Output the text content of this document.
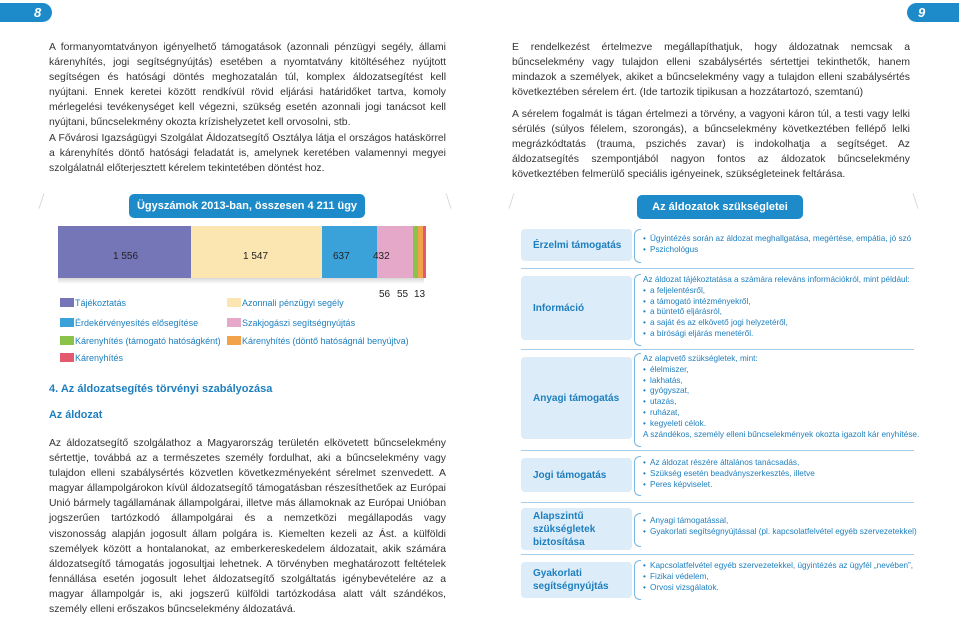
8	9

A formanyomtatványon igényelhető támogatások (azonnali pénzügyi segély, állami kárenyhítés, jogi segítségnyújtás) esetében a nyomtatvány kitöltéséhez nyújtott segítségen és hatósági döntés meghozatalán túl, komplex áldozatsegítést kell nyújtani. Ennek keretei között rendkívül rövid eljárási határidőket tartva, komoly mérlegelési tevékenységet kell végezni, szükség esetén azonnali jogi tanácsot kell nyújtani, bűncselekmény okozta krízishelyzetet kell orvosolni, stb.

A Fővárosi Igazságügyi Szolgálat Áldozatsegítő Osztálya látja el országos hatáskörrel a kárenyhítés döntő hatósági feladatát is, amelynek keretében valamennyi megyei szolgálatnál előterjesztett kérelem tekintetében döntést hoz.

Ügyszámok 2013-ban, összesen 4 211 ügy
1 556	1 547	637 432
56 55 13
Tájékoztatás	Azonnali pénzügyi segély
Érdekérvényesítés elősegítése	Szakjogászi segítségnyújtás
Kárenyhítés (támogató hatóságként) Kárenyhítés (döntő hatóságnál benyújtva)
Kárenyhítés
4. Az áldozatsegítés törvényi szabályozása
Az áldozat

Az áldozatsegítő szolgálathoz a Magyarország területén elkövetett bűncselekmény sértettje, továbbá az a természetes személy fordulhat, aki a bűncselekmény vagy tulajdon elleni szabálysértés közvetlen következményeként sérelmet szenvedett. A magyar állampolgárokon kívül áldozatsegítő támogatásban részesíthetőek az Európai Unió bármely tagállamának állampolgárai, illetve más államoknak az Európai Unióban jogszerűen tartózkodó állampolgárai és a nemzetközi megállapodás vagy viszonosság alapján jogosult állam polgára is. Kiemelten kezeli az Ást. a külföldi személyek között a hontalanokat, az emberkereskedelem áldozatait, akik számára áldozatsegítő támogatás jogosultjai lehetnek. A törvényben meghatározott feltételek fennállása esetén jogosult lehet áldozatsegítő szolgáltatás igénybevételére az a magyar állampolgár is, aki jogszerű külföldi tartózkodása alatt vált szándékos, személy elleni erőszakos bűncselekmény áldozatává.

E rendelkezést értelmezve megállapíthatjuk, hogy áldozatnak nemcsak a bűncselekmény vagy tulajdon elleni szabálysértés sértettjei tekinthetők, hanem mindazok a személyek, akiket a bűncselekmény vagy a tulajdon elleni szabálysértés következtében sérelem ért. (Ide tartozik tipikusan a hozzátartozó, szemtanú)

A sérelem fogalmát is tágan értelmezi a törvény, a vagyoni káron túl, a testi vagy lelki sérülés (súlyos félelem, szorongás), a bűncselekmény következtében fellépő lelki megrázkódtatás (trauma, pszichés zavar) is indokolhatja a segítséget. Az áldozatsegítés szempontjából nagyon fontos az áldozatok bűncselekmény következtében felmerülő speciális igényeinek, szükségleteinek feltárása.

Az áldozatok szükségletei
Érzelmi támogatás
• Ügyintézés során az áldozat meghallgatása, megértése, empátia, jó szó
• Pszichológus
Információ
Az áldozat tájékoztatása a számára releváns információkról, mint például:
• a feljelentésről,
• a támogató intézményekről,
• a büntető eljárásról,
• a saját és az elkövető jogi helyzetéről,
• a bírósági eljárás menetéről.
Anyagi támogatás
Az alapvető szükségletek, mint:
• élelmiszer,
• lakhatás,
• gyógyszat,
• utazás,
• ruházat,
• kegyeleti célok.
A szándékos, személy elleni bűncselekmények okozta igazolt kár enyhítése.
Jogi támogatás
• Az áldozat részére általános tanácsadás,
• Szükség esetén beadványszerkesztés, illetve
• Peres képviselet.
Alapszintű szükségletek biztosítása
• Anyagi támogatással,
• Gyakorlati segítségnyújtással (pl. kapcsolatfelvétel egyéb szervezetekkel)
Gyakorlati segítségnyújtás
• Kapcsolatfelvétel egyéb szervezetekkel, ügyintézés az ügyfél „nevében”,
• Fizikai védelem,
• Orvosi vizsgálatok.
